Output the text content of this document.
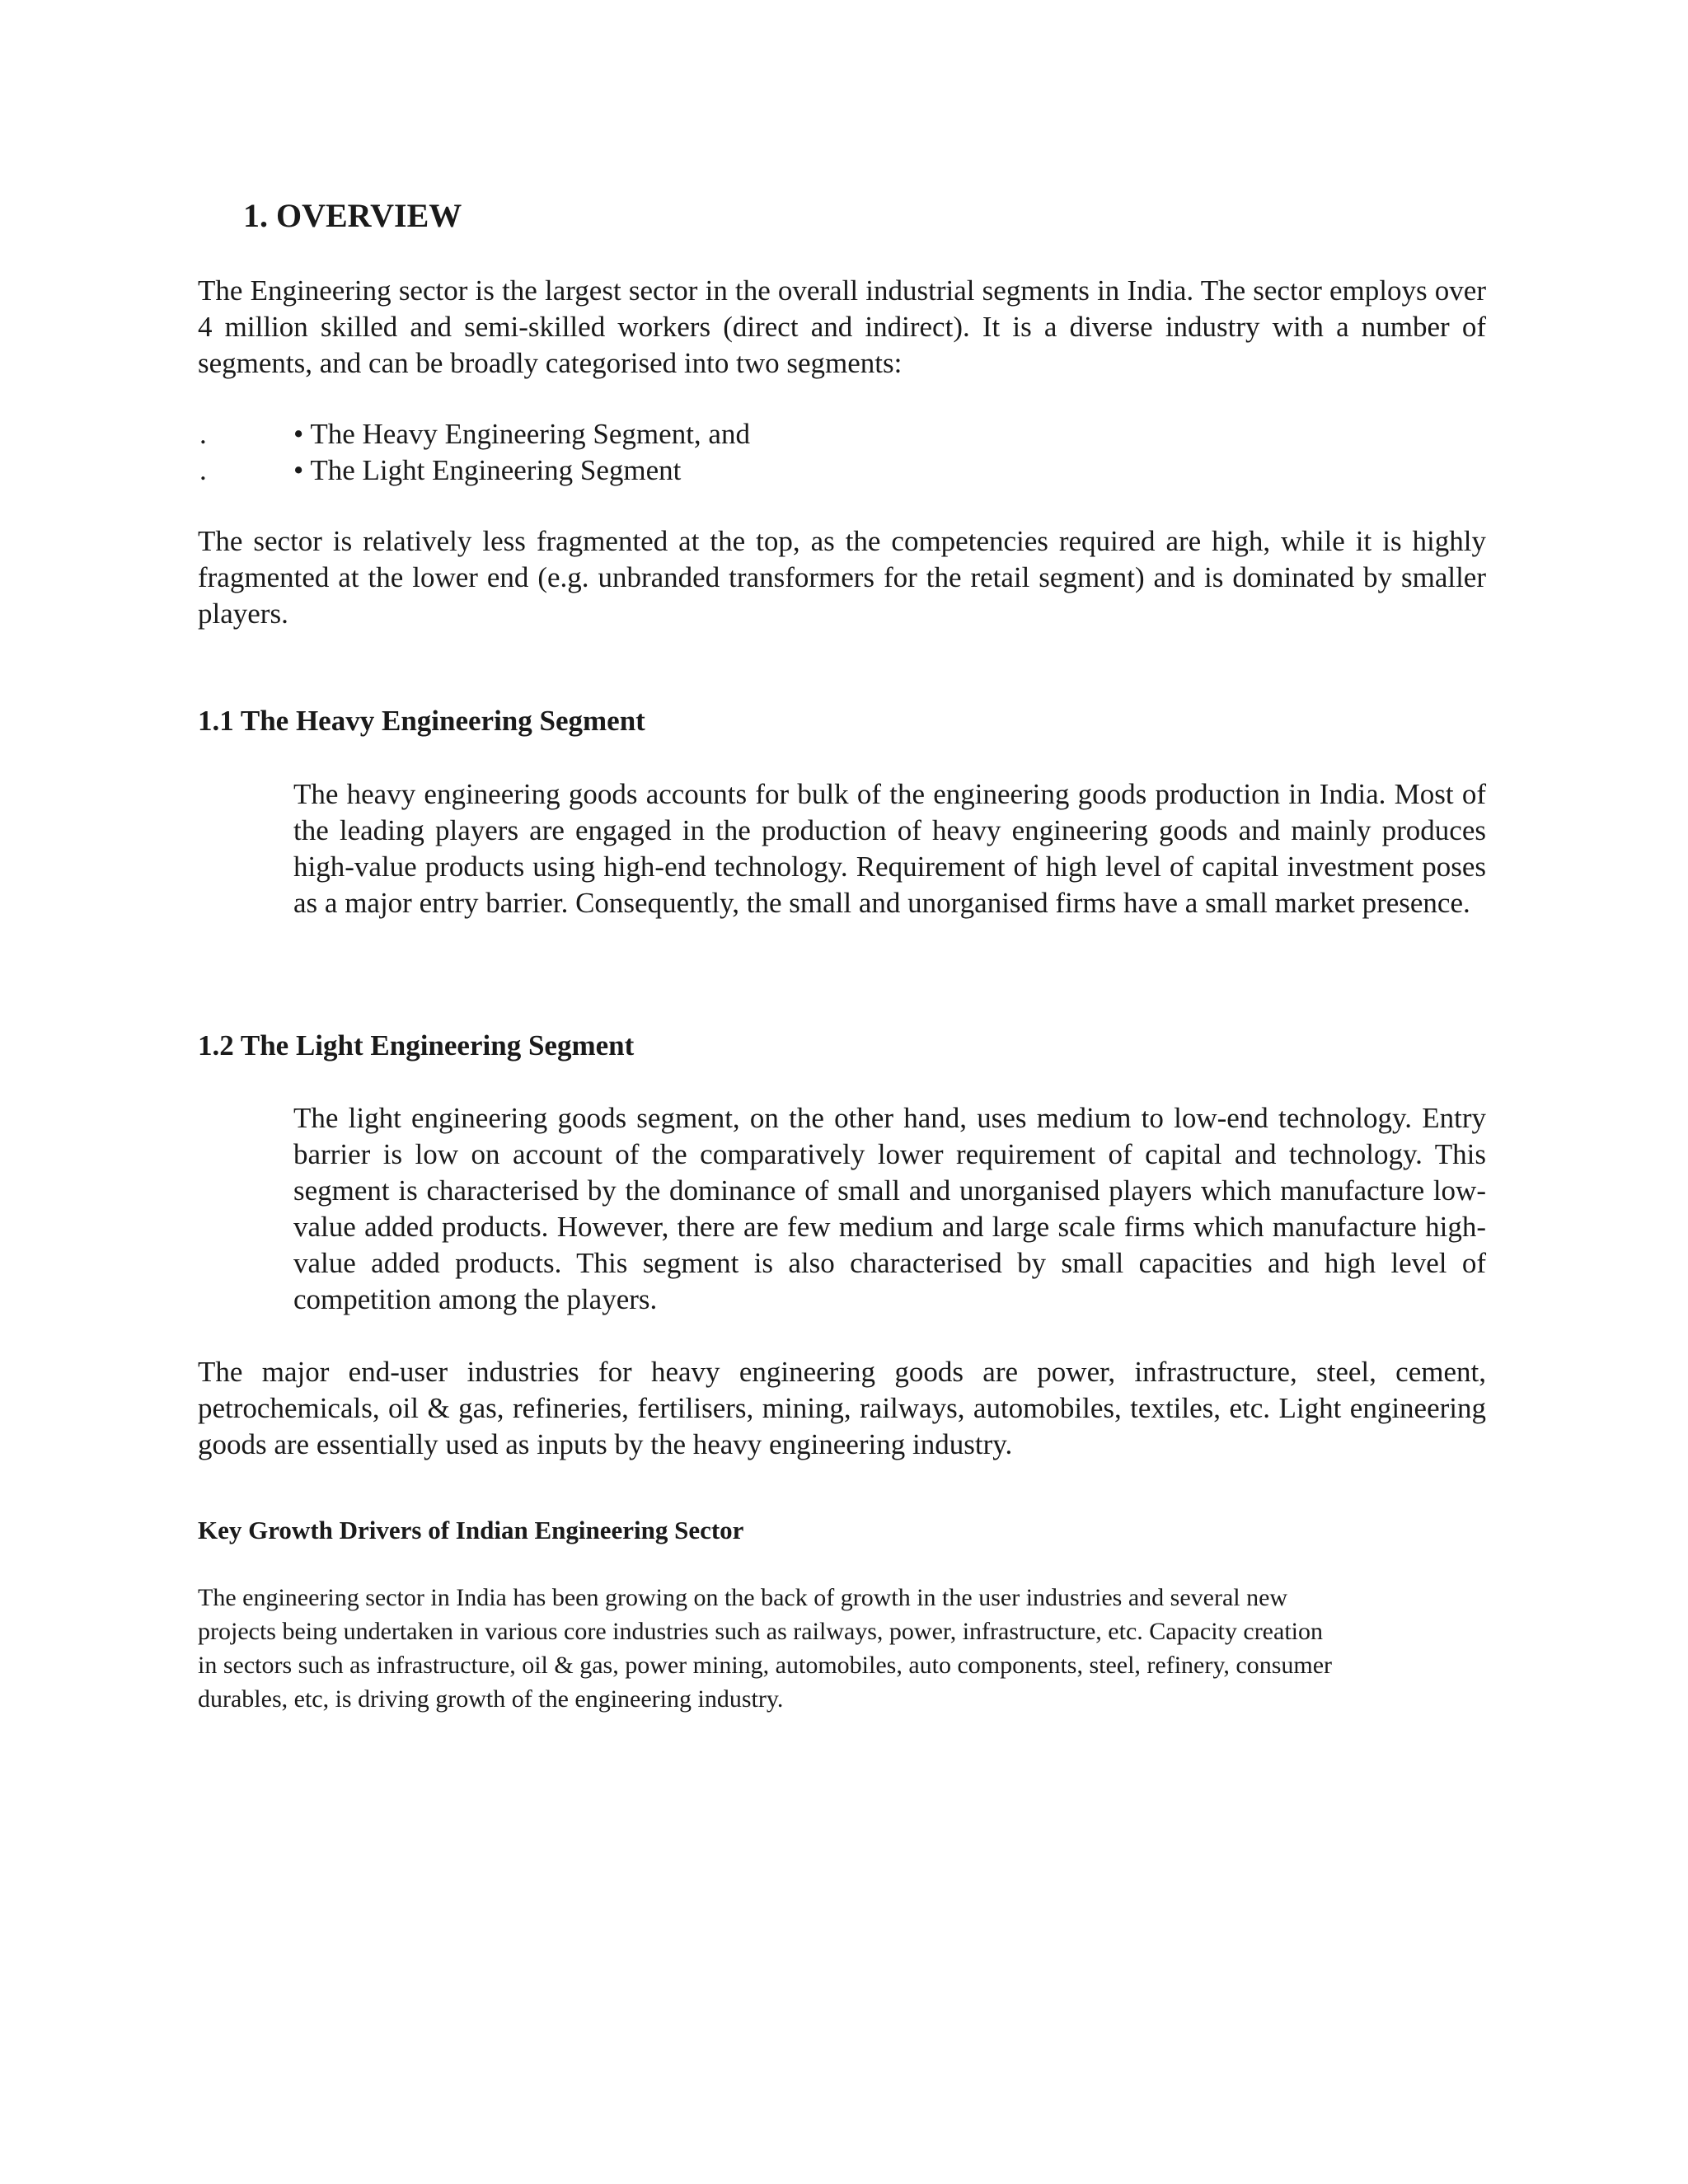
1. OVERVIEW

The Engineering sector is the largest sector in the overall industrial segments in India. The sector employs over 4 million skilled and semi-skilled workers (direct and indirect). It is a diverse industry with a number of segments, and can be broadly categorised into two segments:

.	• The Heavy Engineering Segment, and
.	• The Light Engineering Segment

The sector is relatively less fragmented at the top, as the competencies required are high, while it is highly fragmented at the lower end (e.g. unbranded transformers for the retail segment) and is dominated by smaller players.

1.1 The Heavy Engineering Segment

The heavy engineering goods accounts for bulk of the engineering goods production in India. Most of the leading players are engaged in the production of heavy engineering goods and mainly produces high-value products using high-end technology. Requirement of high level of capital investment poses as a major entry barrier. Consequently, the small and unorganised firms have a small market presence.

1.2 The Light Engineering Segment

The light engineering goods segment, on the other hand, uses medium to low-end technology. Entry barrier is low on account of the comparatively lower requirement of capital and technology. This segment is characterised by the dominance of small and unorganised players which manufacture low-value added products. However, there are few medium and large scale firms which manufacture high-value added products. This segment is also characterised by small capacities and high level of competition among the players.

The major end-user industries for heavy engineering goods are power, infrastructure, steel, cement, petrochemicals, oil & gas, refineries, fertilisers, mining, railways, automobiles, textiles, etc. Light engineering goods are essentially used as inputs by the heavy engineering industry.

Key Growth Drivers of Indian Engineering Sector
The engineering sector in India has been growing on the back of growth in the user industries and several new
projects being undertaken in various core industries such as railways, power, infrastructure, etc. Capacity creation
in sectors such as infrastructure, oil & gas, power mining, automobiles, auto components, steel, refinery, consumer
durables, etc, is driving growth of the engineering industry.
